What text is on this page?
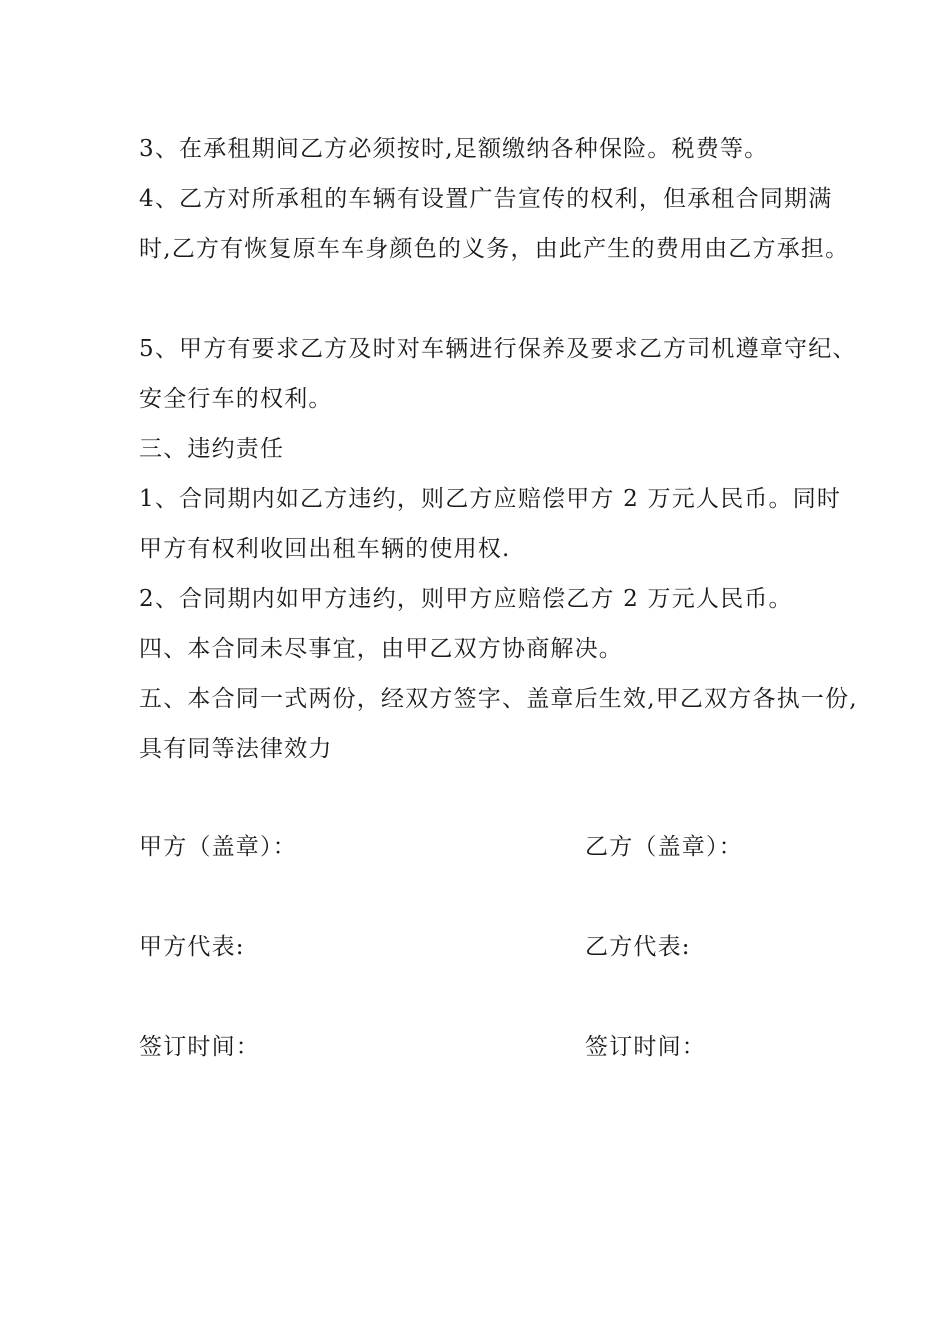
3、在承租期间乙方必须按时,足额缴纳各种保险。税费等。

4、乙方对所承租的车辆有设置广告宣传的权利，但承租合同期满时,乙方有恢复原车车身颜色的义务，由此产生的费用由乙方承担。

5、甲方有要求乙方及时对车辆进行保养及要求乙方司机遵章守纪、安全行车的权利。

三、违约责任

1、合同期内如乙方违约，则乙方应赔偿甲方 2 万元人民币。同时甲方有权利收回出租车辆的使用权.

2、合同期内如甲方违约，则甲方应赔偿乙方 2 万元人民币。

四、本合同未尽事宜，由甲乙双方协商解决。

五、本合同一式两份，经双方签字、盖章后生效,甲乙双方各执一份,具有同等法律效力

甲方（盖章）：	乙方（盖章）：
甲方代表:	乙方代表:
签订时间：	签订时间：
